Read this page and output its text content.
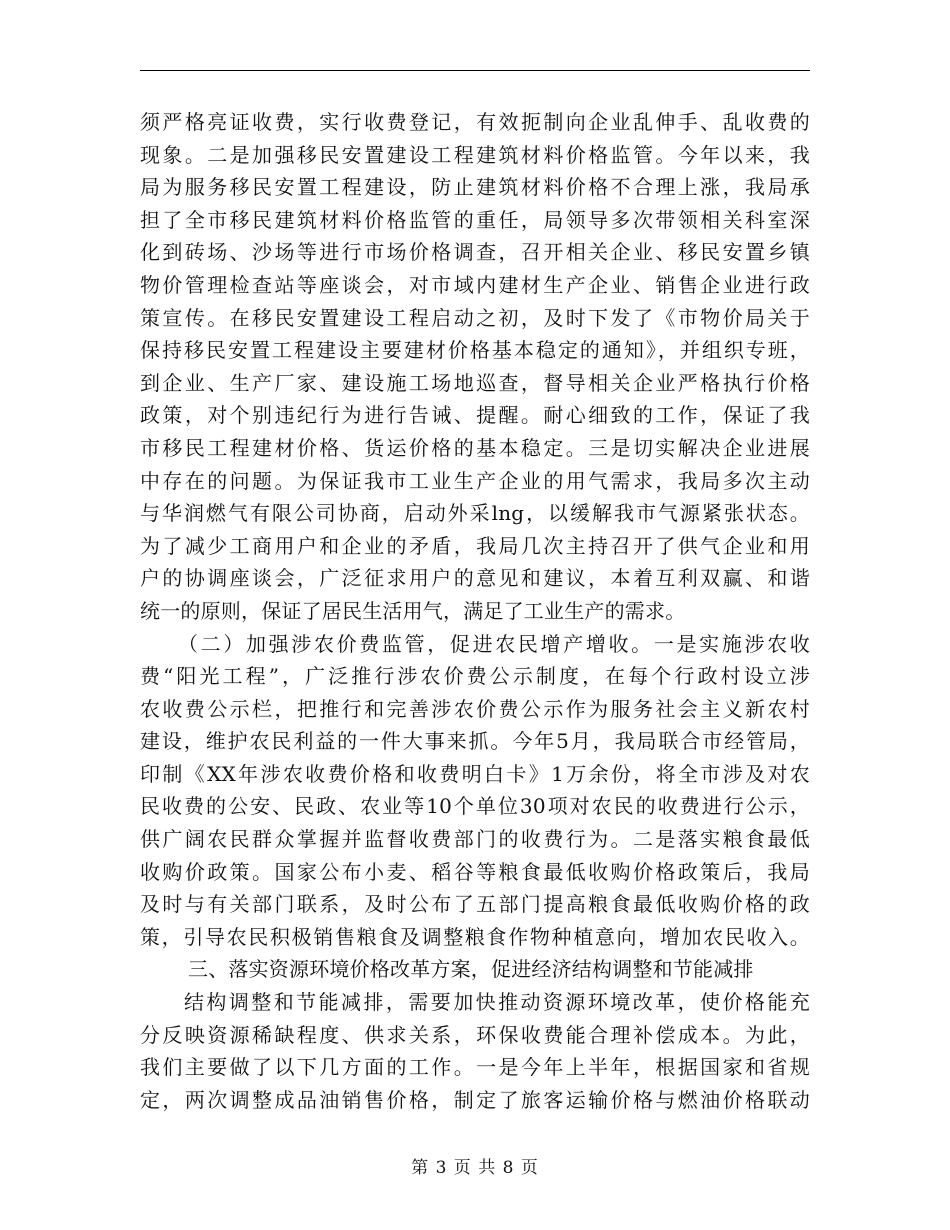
须严格亮证收费，实行收费登记，有效扼制向企业乱伸手、乱收费的
现象。二是加强移民安置建设工程建筑材料价格监管。今年以来，我
局为服务移民安置工程建设，防止建筑材料价格不合理上涨，我局承
担了全市移民建筑材料价格监管的重任，局领导多次带领相关科室深
化到砖场、沙场等进行市场价格调查，召开相关企业、移民安置乡镇
物价管理检查站等座谈会，对市域内建材生产企业、销售企业进行政
策宣传。在移民安置建设工程启动之初，及时下发了《市物价局关于
保持移民安置工程建设主要建材价格基本稳定的通知》，并组织专班，
到企业、生产厂家、建设施工场地巡查，督导相关企业严格执行价格
政策，对个别违纪行为进行告诫、提醒。耐心细致的工作，保证了我
市移民工程建材价格、货运价格的基本稳定。三是切实解决企业进展
中存在的问题。为保证我市工业生产企业的用气需求，我局多次主动
与华润燃气有限公司协商，启动外采lng，以缓解我市气源紧张状态。
为了减少工商用户和企业的矛盾，我局几次主持召开了供气企业和用
户的协调座谈会，广泛征求用户的意见和建议，本着互利双赢、和谐
统一的原则，保证了居民生活用气，满足了工业生产的需求。
（二）加强涉农价费监管，促进农民增产增收。一是实施涉农收
费“阳光工程”，广泛推行涉农价费公示制度，在每个行政村设立涉
农收费公示栏，把推行和完善涉农价费公示作为服务社会主义新农村
建设，维护农民利益的一件大事来抓。今年5月，我局联合市经管局，
印制《XX年涉农收费价格和收费明白卡》1万余份，将全市涉及对农
民收费的公安、民政、农业等10个单位30项对农民的收费进行公示，
供广阔农民群众掌握并监督收费部门的收费行为。二是落实粮食最低
收购价政策。国家公布小麦、稻谷等粮食最低收购价格政策后，我局
及时与有关部门联系，及时公布了五部门提高粮食最低收购价格的政
策，引导农民积极销售粮食及调整粮食作物种植意向，增加农民收入。
三、落实资源环境价格改革方案，促进经济结构调整和节能减排
结构调整和节能减排，需要加快推动资源环境改革，使价格能充
分反映资源稀缺程度、供求关系，环保收费能合理补偿成本。为此，
我们主要做了以下几方面的工作。一是今年上半年，根据国家和省规
定，两次调整成品油销售价格，制定了旅客运输价格与燃油价格联动
第 3 页 共 8 页
